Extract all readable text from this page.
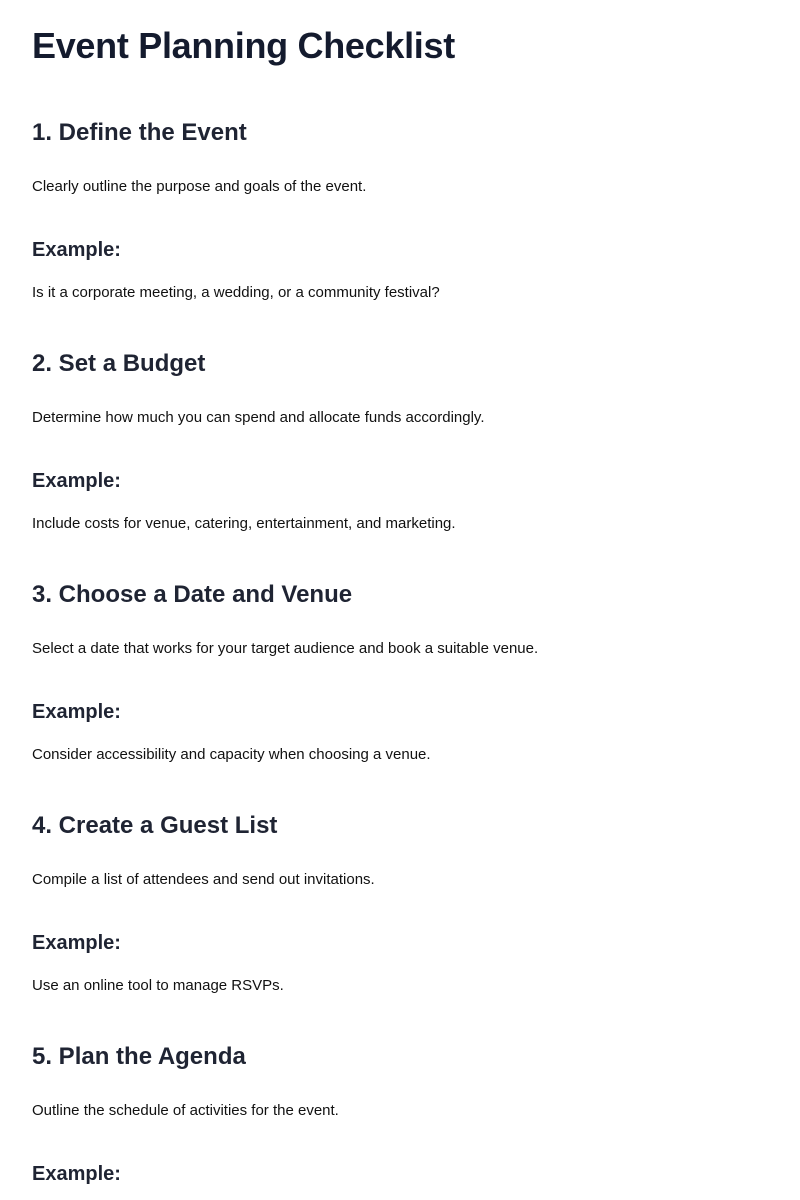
Event Planning Checklist
1. Define the Event

Clearly outline the purpose and goals of the event.

Example:

Is it a corporate meeting, a wedding, or a community festival?

2. Set a Budget

Determine how much you can spend and allocate funds accordingly.

Example:

Include costs for venue, catering, entertainment, and marketing.

3. Choose a Date and Venue

Select a date that works for your target audience and book a suitable venue.

Example:

Consider accessibility and capacity when choosing a venue.

4. Create a Guest List

Compile a list of attendees and send out invitations.

Example:

Use an online tool to manage RSVPs.

5. Plan the Agenda

Outline the schedule of activities for the event.

Example:
